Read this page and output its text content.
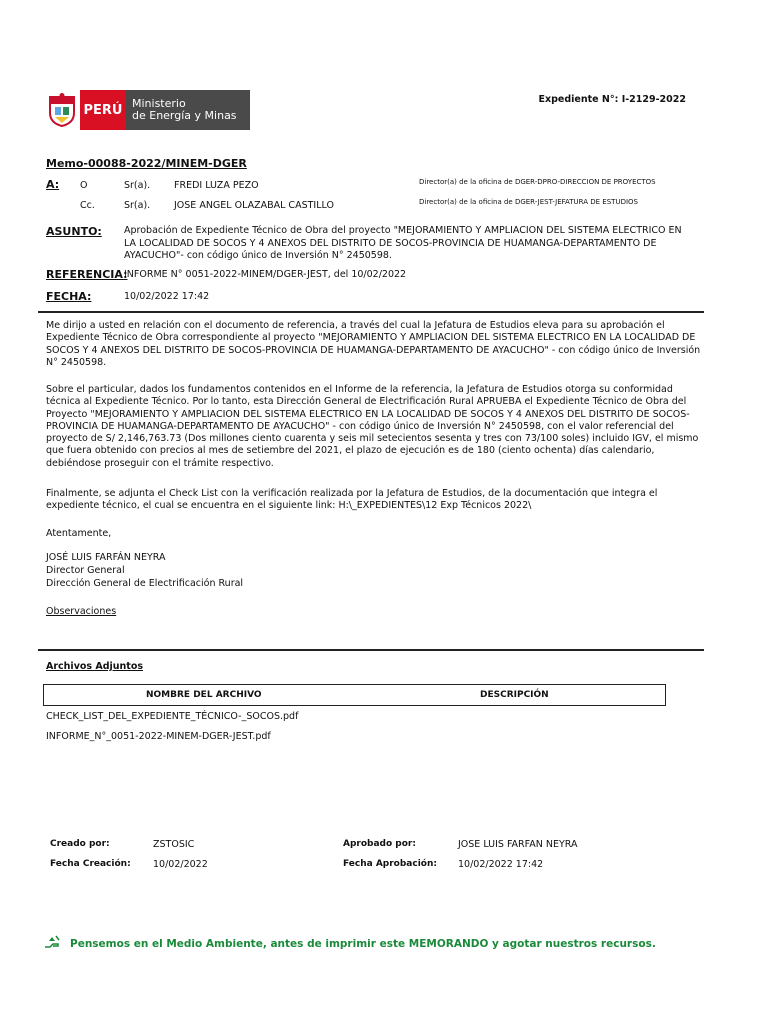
PERÚ Ministerio
de Energía y Minas
Expediente N°: I-2129-2022
Memo-00088-2022/MINEM-DGER
A: O	Sr(a).	FREDI LUZA PEZO	Director(a) de la oficina de DGER-DPRO-DIRECCION DE PROYECTOS
Cc.	Sr(a).	JOSE ANGEL OLAZABAL CASTILLO	Director(a) de la oficina de DGER-JEST-JEFATURA DE ESTUDIOS
ASUNTO: Aprobación de Expediente Técnico de Obra del proyecto "MEJORAMIENTO Y AMPLIACION DEL SISTEMA ELECTRICO EN LA LOCALIDAD DE SOCOS Y 4 ANEXOS DEL DISTRITO DE SOCOS-PROVINCIA DE HUAMANGA-DEPARTAMENTO DE AYACUCHO"- con código único de Inversión N° 2450598.
REFERENCIA:
INFORME N° 0051-2022-MINEM/DGER-JEST, del 10/02/2022
FECHA:	10/02/2022 17:42
Me dirijo a usted en relación con el documento de referencia, a través del cual la Jefatura de Estudios eleva para su aprobación el Expediente Técnico de Obra correspondiente al proyecto "MEJORAMIENTO Y AMPLIACION DEL SISTEMA ELECTRICO EN LA LOCALIDAD DE SOCOS Y 4 ANEXOS DEL DISTRITO DE SOCOS-PROVINCIA DE HUAMANGA-DEPARTAMENTO DE AYACUCHO" - con código único de Inversión N° 2450598.
Sobre el particular, dados los fundamentos contenidos en el Informe de la referencia, la Jefatura de Estudios otorga su conformidad técnica al Expediente Técnico. Por lo tanto, esta Dirección General de Electrificación Rural APRUEBA el Expediente Técnico de Obra del Proyecto "MEJORAMIENTO Y AMPLIACION DEL SISTEMA ELECTRICO EN LA LOCALIDAD DE SOCOS Y 4 ANEXOS DEL DISTRITO DE SOCOS-PROVINCIA DE HUAMANGA-DEPARTAMENTO DE AYACUCHO" - con código único de Inversión N° 2450598, con el valor referencial del proyecto de S/ 2,146,763.73 (Dos millones ciento cuarenta y seis mil setecientos sesenta y tres con 73/100 soles) incluido IGV, el mismo que fuera obtenido con precios al mes de setiembre del 2021, el plazo de ejecución es de 180 (ciento ochenta) días calendario, debiéndose proseguir con el trámite respectivo.
Finalmente, se adjunta el Check List con la verificación realizada por la Jefatura de Estudios, de la documentación que integra el expediente técnico, el cual se encuentra en el siguiente link: H:\_EXPEDIENTES\12 Exp Técnicos 2022\
Atentamente,
JOSÉ LUIS FARFÁN NEYRA
Director General
Dirección General de Electrificación Rural
Observaciones
Archivos Adjuntos
NOMBRE DEL ARCHIVO	DESCRIPCIÓN
CHECK_LIST_DEL_EXPEDIENTE_TÉCNICO-_SOCOS.pdf
INFORME_N°_0051-2022-MINEM-DGER-JEST.pdf
Creado por:	ZSTOSIC
Fecha Creación: 10/02/2022
Aprobado por:	JOSE LUIS FARFAN NEYRA
Fecha Aprobación: 10/02/2022 17:42
Pensemos en el Medio Ambiente, antes de imprimir este MEMORANDO y agotar nuestros recursos.
